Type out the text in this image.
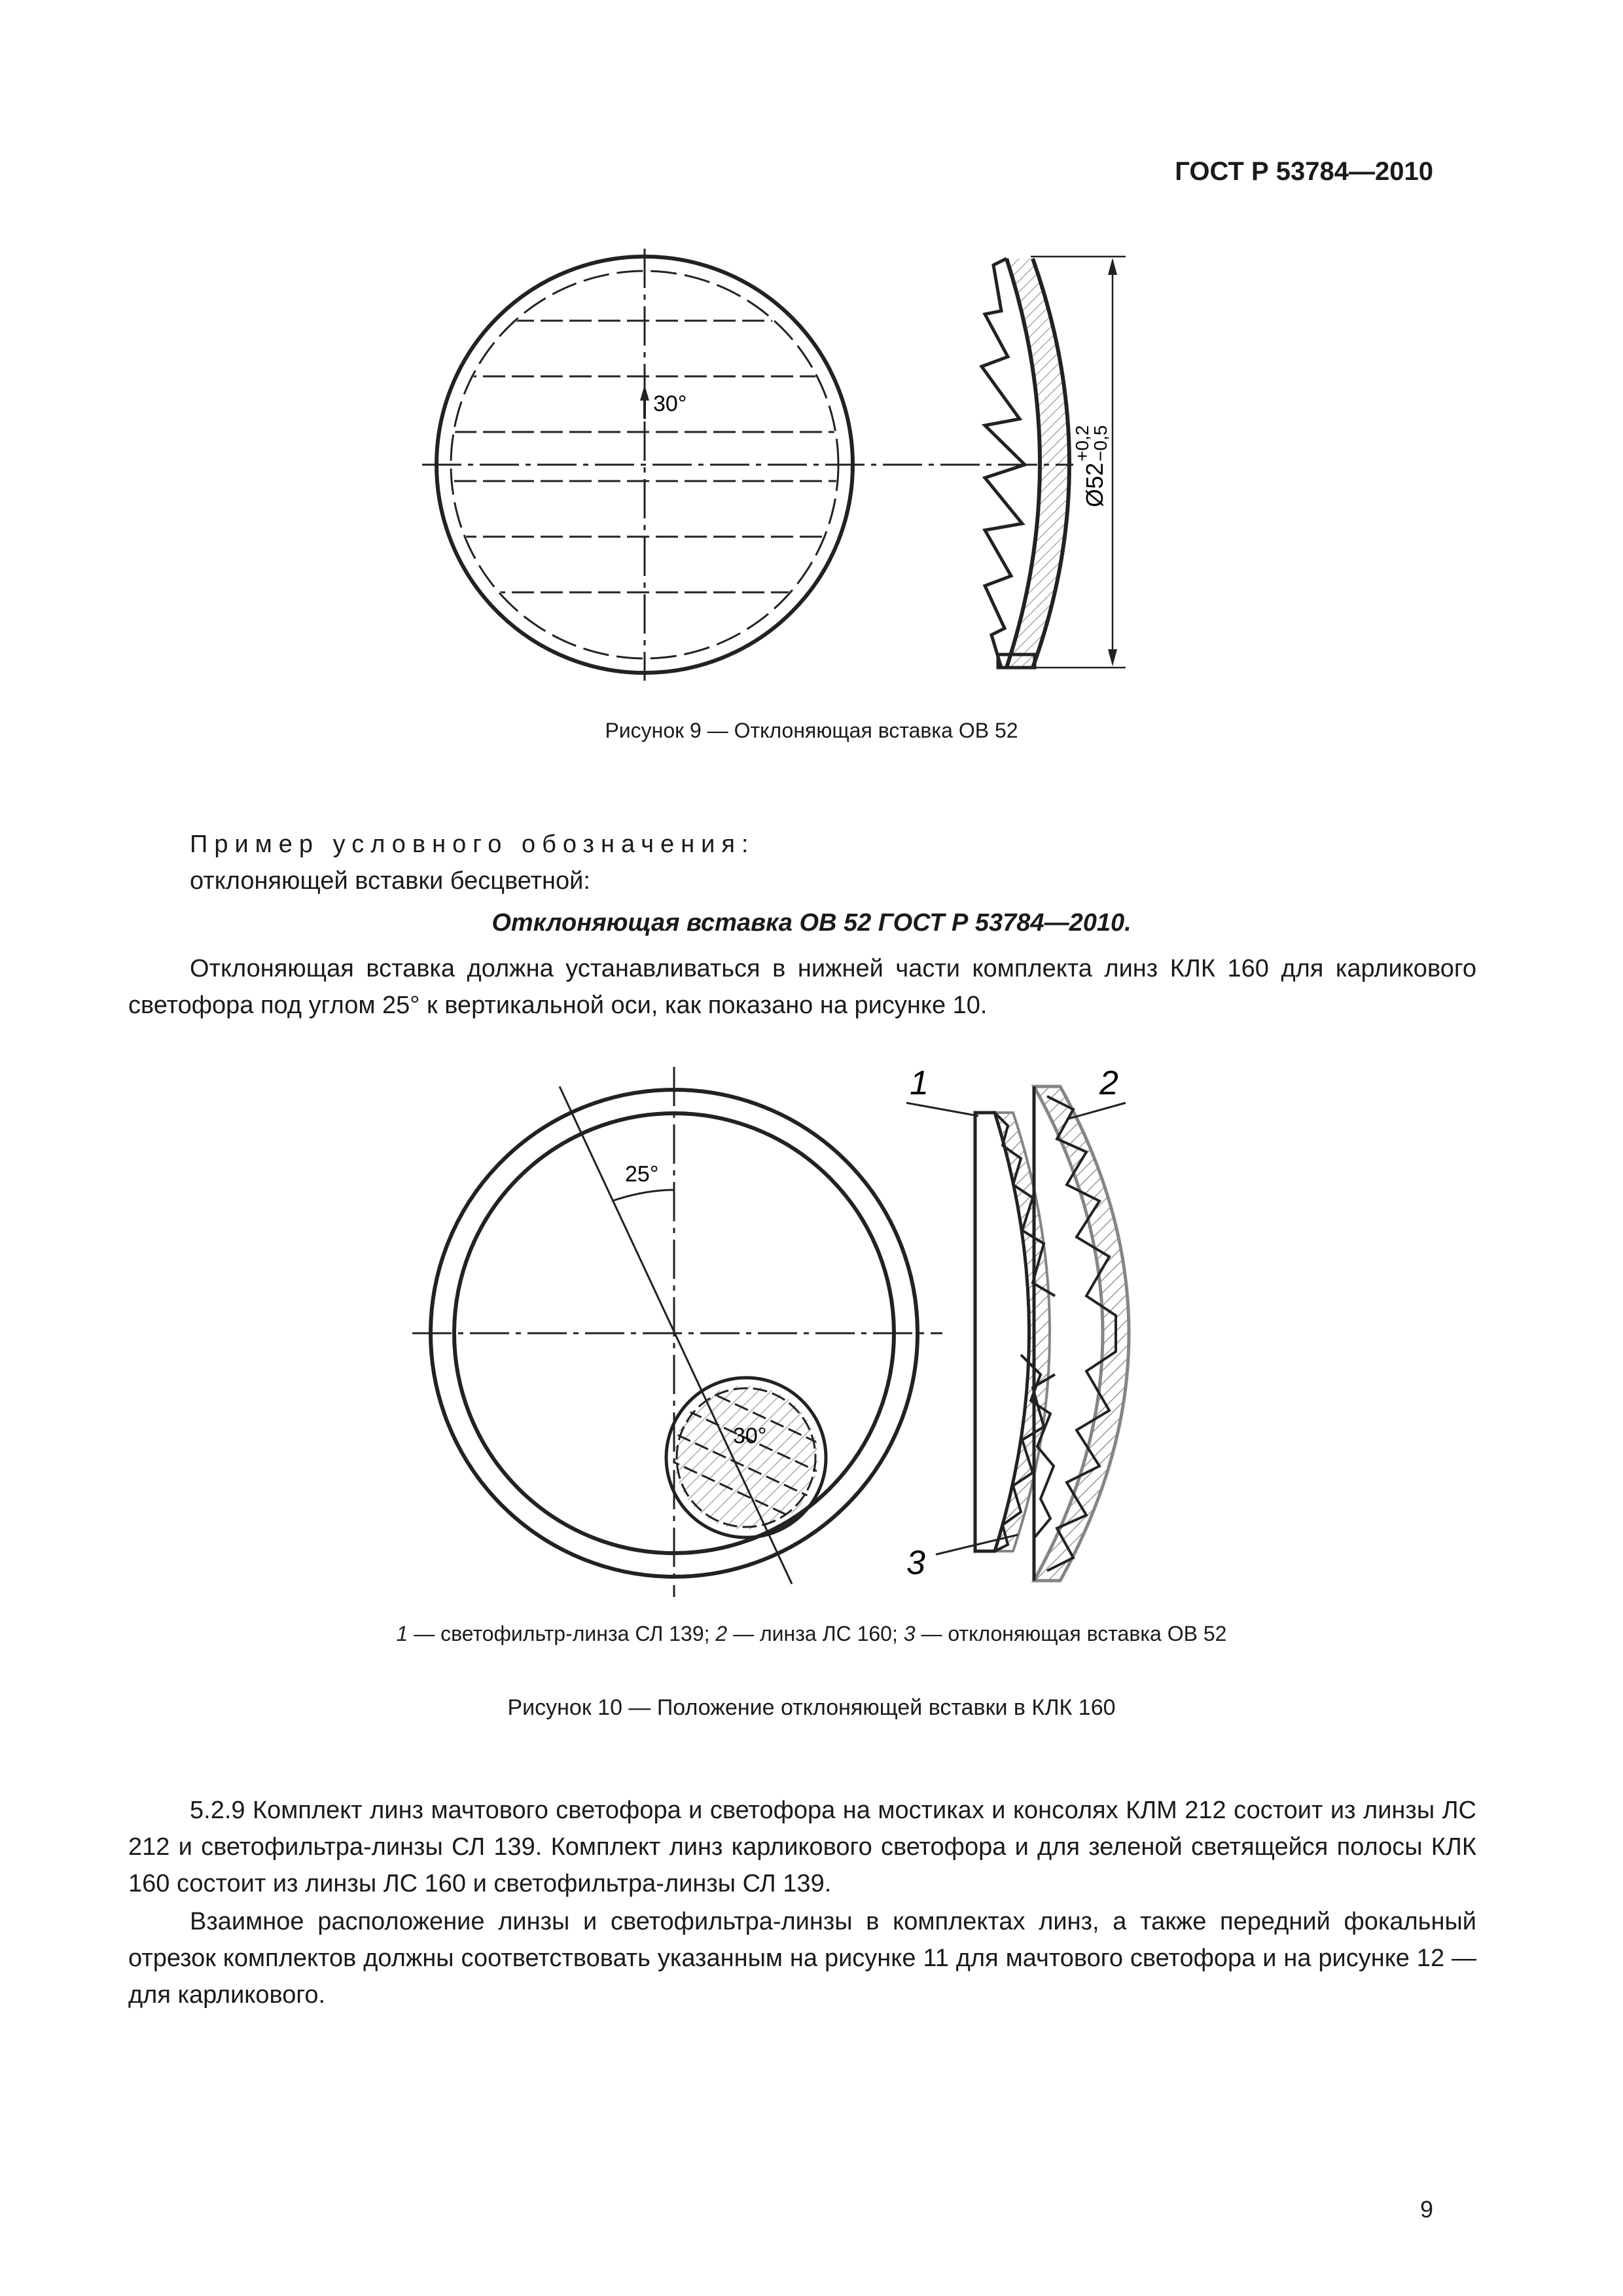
ГОСТ Р 53784—2010
30°
Ø52
+0,2
−0,5
Рисунок 9 — Отклоняющая вставка ОВ 52
Пример условного обозначения:
отклоняющей вставки бесцветной:
Отклоняющая вставка ОВ 52 ГОСТ Р 53784—2010.
Отклоняющая вставка должна устанавливаться в нижней части комплекта линз КЛК 160 для карликового светофора под углом 25° к вертикальной оси, как показано на рисунке 10.
25°
30°
1	2
3
1 — светофильтр-линза СЛ 139; 2 — линза ЛС 160; 3 — отклоняющая вставка ОВ 52
Рисунок 10 — Положение отклоняющей вставки в КЛК 160
5.2.9 Комплект линз мачтового светофора и светофора на мостиках и консолях КЛМ 212 состоит из линзы ЛС 212 и светофильтра-линзы СЛ 139. Комплект линз карликового светофора и для зеленой светящейся полосы КЛК 160 состоит из линзы ЛС 160 и светофильтра-линзы СЛ 139.
Взаимное расположение линзы и светофильтра-линзы в комплектах линз, а также передний фокальный отрезок комплектов должны соответствовать указанным на рисунке 11 для мачтового светофора и на рисунке 12 — для карликового.
9
